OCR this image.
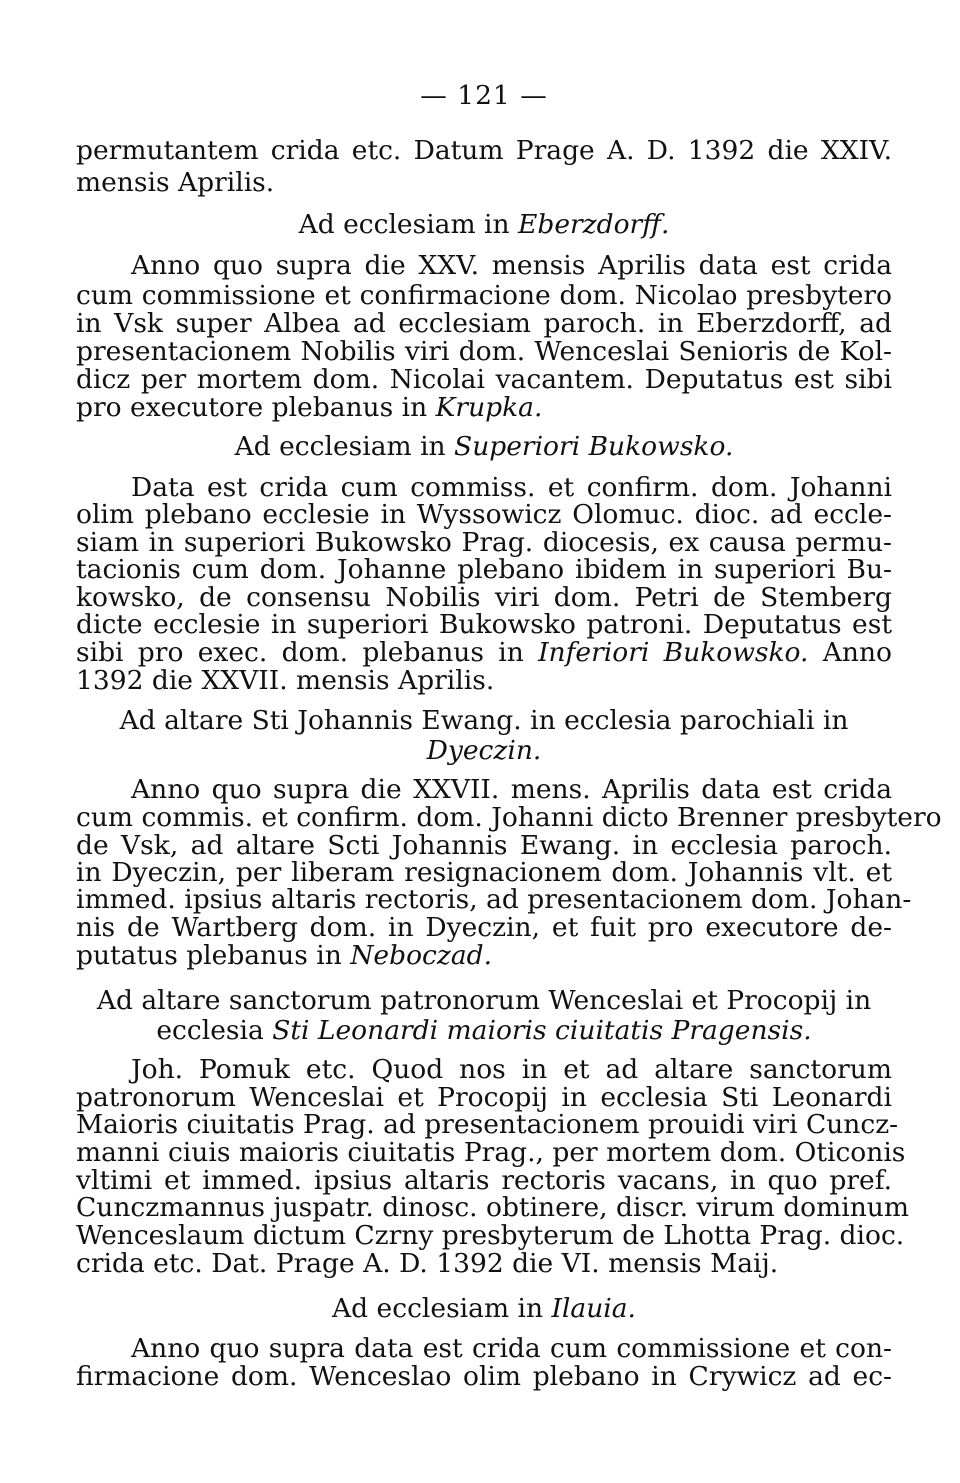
— 121 —
permutantem crida etc. Datum Prage A. D. 1392 die XXIV.
mensis Aprilis.
Ad ecclesiam in Eberzdorff.
Anno quo supra die XXV. mensis Aprilis data est crida
cum commissione et confirmacione dom. Nicolao presbytero
in Vsk super Albea ad ecclesiam paroch. in Eberzdorff, ad
presentacionem Nobilis viri dom. Wenceslai Senioris de Kol-
dicz per mortem dom. Nicolai vacantem. Deputatus est sibi
pro executore plebanus in Krupka.
Ad ecclesiam in Superiori Bukowsko.
Data est crida cum commiss. et confirm. dom. Johanni
olim plebano ecclesie in Wyssowicz Olomuc. dioc. ad eccle-
siam in superiori Bukowsko Prag. diocesis, ex causa permu-
tacionis cum dom. Johanne plebano ibidem in superiori Bu-
kowsko, de consensu Nobilis viri dom. Petri de Stemberg
dicte ecclesie in superiori Bukowsko patroni. Deputatus est
sibi pro exec. dom. plebanus in Inferiori Bukowsko. Anno
1392 die XXVII. mensis Aprilis.
Ad altare Sti Johannis Ewang. in ecclesia parochiali in
Dyeczin.
Anno quo supra die XXVII. mens. Aprilis data est crida
cum commis. et confirm. dom. Johanni dicto Brenner presbytero
de Vsk, ad altare Scti Johannis Ewang. in ecclesia paroch.
in Dyeczin, per liberam resignacionem dom. Johannis vlt. et
immed. ipsius altaris rectoris, ad presentacionem dom. Johan-
nis de Wartberg dom. in Dyeczin, et fuit pro executore de-
putatus plebanus in Neboczad.
Ad altare sanctorum patronorum Wenceslai et Procopij in
ecclesia Sti Leonardi maioris ciuitatis Pragensis.
Joh. Pomuk etc. Quod nos in et ad altare sanctorum
patronorum Wenceslai et Procopij in ecclesia Sti Leonardi
Maioris ciuitatis Prag. ad presentacionem prouidi viri Cuncz-
manni ciuis maioris ciuitatis Prag., per mortem dom. Oticonis
vltimi et immed. ipsius altaris rectoris vacans, in quo pref.
Cunczmannus juspatr. dinosc. obtinere, discr. virum dominum
Wenceslaum dictum Czrny presbyterum de Lhotta Prag. dioc.
crida etc. Dat. Prage A. D. 1392 die VI. mensis Maij.
Ad ecclesiam in Ilauia.
Anno quo supra data est crida cum commissione et con-
firmacione dom. Wenceslao olim plebano in Crywicz ad ec-
